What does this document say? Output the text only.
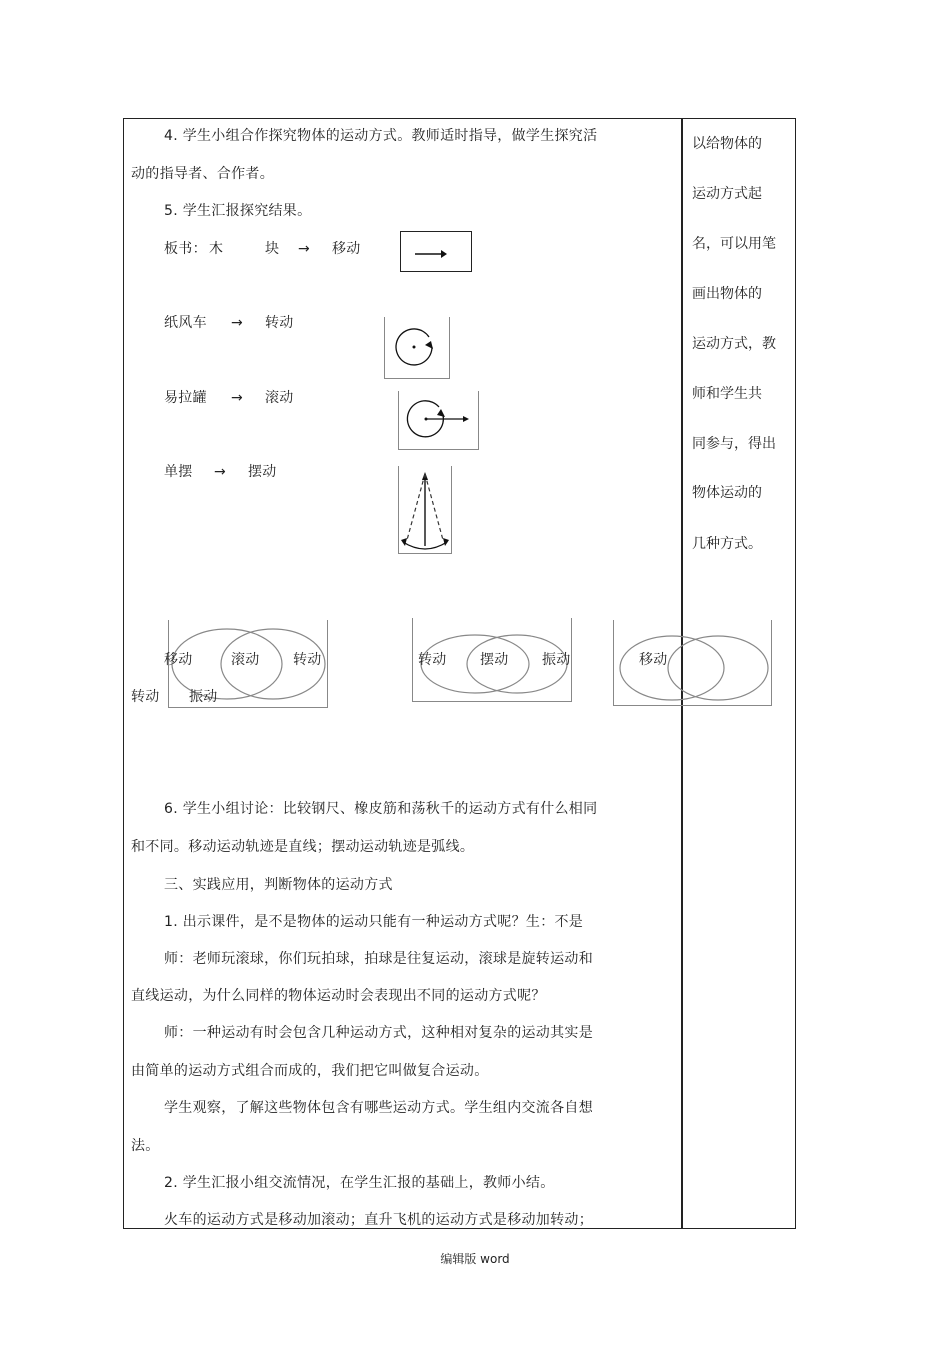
4. 学生小组合作探究物体的运动方式。教师适时指导，做学生探究活
动的指导者、合作者。
5. 学生汇报探究结果。
板书： 木	块 → 移动
纸风车 → 转动
易拉罐 → 滚动
单摆 → 摆动
移动	滚动 转动	转动 摆动 振动	移动
转动 振动
6. 学生小组讨论：比较钢尺、橡皮筋和荡秋千的运动方式有什么相同
和不同。移动运动轨迹是直线；摆动运动轨迹是弧线。
三、实践应用，判断物体的运动方式
1. 出示课件，是不是物体的运动只能有一种运动方式呢？生：不是
师：老师玩滚球，你们玩拍球，拍球是往复运动，滚球是旋转运动和
直线运动，为什么同样的物体运动时会表现出不同的运动方式呢？
师：一种运动有时会包含几种运动方式，这种相对复杂的运动其实是
由简单的运动方式组合而成的，我们把它叫做复合运动。
学生观察，了解这些物体包含有哪些运动方式。学生组内交流各自想
法。
2. 学生汇报小组交流情况，在学生汇报的基础上，教师小结。
火车的运动方式是移动加滚动；直升飞机的运动方式是移动加转动；
以给物体的
运动方式起
名，可以用笔
画出物体的
运动方式，教
师和学生共
同参与，得出
物体运动的
几种方式。
编辑版 word
